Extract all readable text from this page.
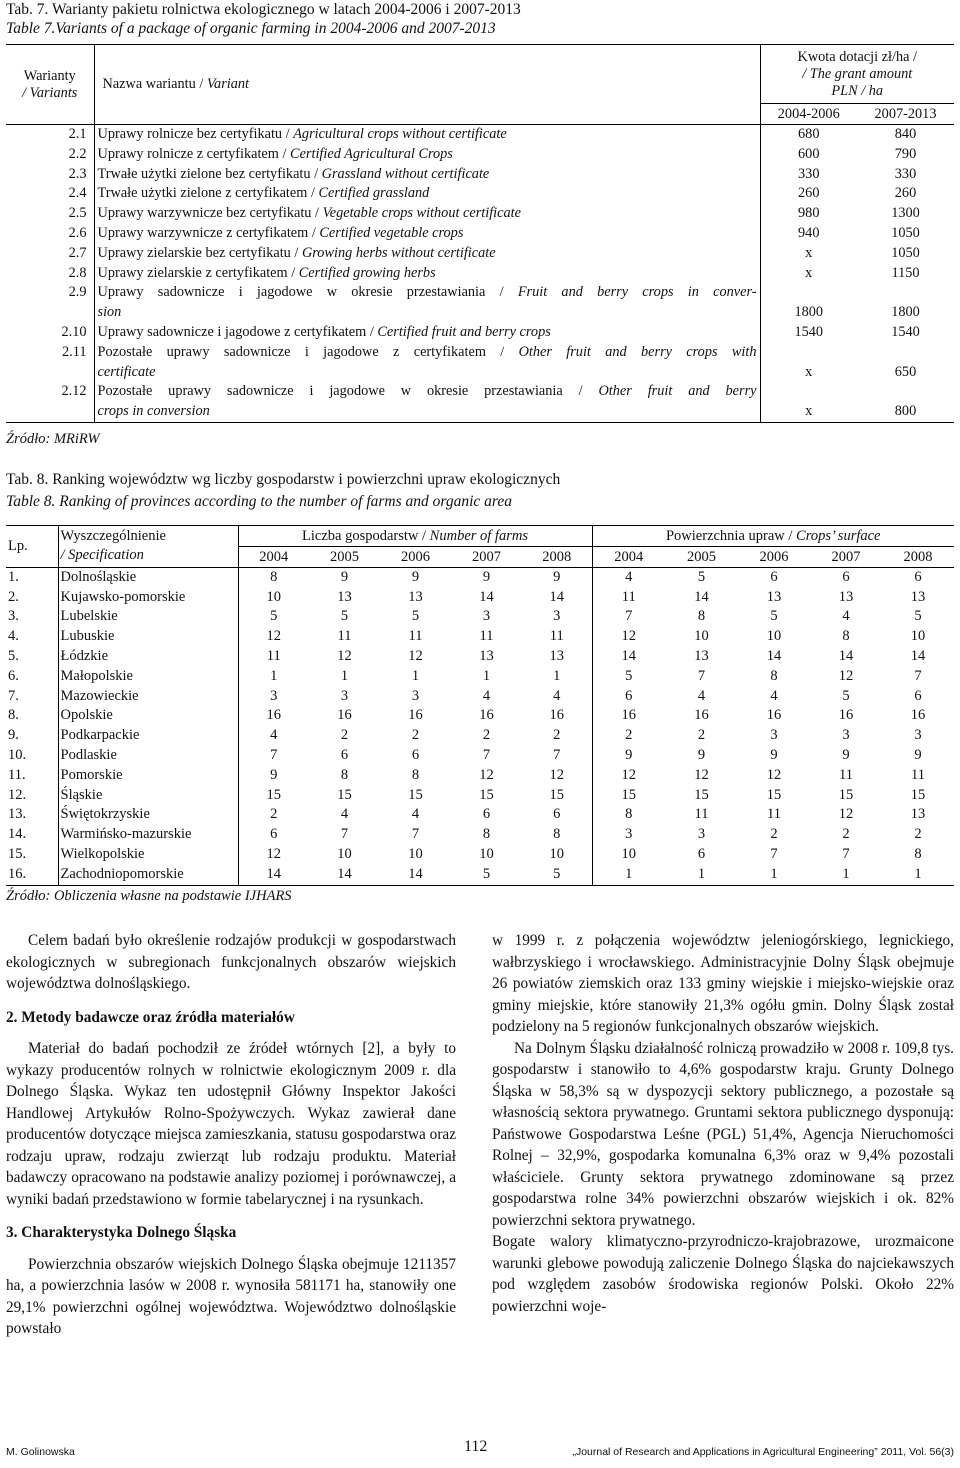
Tab. 7. Warianty pakietu rolnictwa ekologicznego w latach 2004-2006 i 2007-2013
Table 7.Variants of a package of organic farming in 2004-2006 and 2007-2013
Warianty
/ Variants	Nazwa wariantu / Variant	Kwota dotacji zł/ha /
/ The grant amount
PLN / ha	
		2004-2006	2007-2013
2.1	Uprawy rolnicze bez certyfikatu / Agricultural crops without certificate	680	840
2.2	Uprawy rolnicze z certyfikatem / Certified Agricultural Crops	600	790
2.3	Trwałe użytki zielone bez certyfikatu / Grassland without certificate	330	330
2.4	Trwałe użytki zielone z certyfikatem / Certified grassland	260	260
2.5	Uprawy warzywnicze bez certyfikatu / Vegetable crops without certificate	980	1300
2.6	Uprawy warzywnicze z certyfikatem / Certified vegetable crops	940	1050
2.7	Uprawy zielarskie bez certyfikatu / Growing herbs without certificate	x	1050
2.8	Uprawy zielarskie z certyfikatem / Certified growing herbs	x	1150
2.9	Uprawy sadownicze i jagodowe w okresie przestawiania / Fruit and berry crops in conver-	1800	1800
	sion		
2.10	Uprawy sadownicze i jagodowe z certyfikatem / Certified fruit and berry crops	1540	1540
2.11	Pozostałe uprawy sadownicze i jagodowe z certyfikatem / Other fruit and berry crops with	x	650
	certificate		
2.12	Pozostałe uprawy sadownicze i jagodowe w okresie przestawiania / Other fruit and berry	x	800
	crops in conversion		
Źródło: MRiRW
Tab. 8. Ranking województw wg liczby gospodarstw i powierzchni upraw ekologicznych
Table 8. Ranking of provinces according to the number of farms and organic area
Lp.	Wyszczególnienie
/ Specification	Liczba gospodarstw / Number of farms					Powierzchnia upraw / Crops’ surface				
		2004	2005	2006	2007	2008	2004	2005	2006	2007	2008
1.	Dolnośląskie	8	9	9	9	9	4	5	6	6	6
2.	Kujawsko-pomorskie	10	13	13	14	14	11	14	13	13	13
3.	Lubelskie	5	5	5	3	3	7	8	5	4	5
4.	Lubuskie	12	11	11	11	11	12	10	10	8	10
5.	Łódzkie	11	12	12	13	13	14	13	14	14	14
6.	Małopolskie	1	1	1	1	1	5	7	8	12	7
7.	Mazowieckie	3	3	3	4	4	6	4	4	5	6
8.	Opolskie	16	16	16	16	16	16	16	16	16	16
9.	Podkarpackie	4	2	2	2	2	2	2	3	3	3
10.	Podlaskie	7	6	6	7	7	9	9	9	9	9
11.	Pomorskie	9	8	8	12	12	12	12	12	11	11
12.	Śląskie	15	15	15	15	15	15	15	15	15	15
13.	Świętokrzyskie	2	4	4	6	6	8	11	11	12	13
14.	Warmińsko-mazurskie	6	7	7	8	8	3	3	2	2	2
15.	Wielkopolskie	12	10	10	10	10	10	6	7	7	8
16.	Zachodniopomorskie	14	14	14	5	5	1	1	1	1	1
Źródło: Obliczenia własne na podstawie IJHARS

Celem badań było określenie rodzajów produkcji w gospodarstwach ekologicznych w subregionach funkcjonalnych obszarów wiejskich województwa dolnośląskiego.

2. Metody badawcze oraz źródła materiałów

Materiał do badań pochodził ze źródeł wtórnych [2], a były to wykazy producentów rolnych w rolnictwie ekologicznym 2009 r. dla Dolnego Śląska. Wykaz ten udostępnił Główny Inspektor Jakości Handlowej Artykułów Rolno-Spożywczych. Wykaz zawierał dane producentów dotyczące miejsca zamieszkania, statusu gospodarstwa oraz rodzaju upraw, rodzaju zwierząt lub rodzaju produktu. Materiał badawczy opracowano na podstawie analizy poziomej i porównawczej, a wyniki badań przedstawiono w formie tabelarycznej i na rysunkach.

3. Charakterystyka Dolnego Śląska

Powierzchnia obszarów wiejskich Dolnego Śląska obejmuje 1211357 ha, a powierzchnia lasów w 2008 r. wynosiła 581171 ha, stanowiły one 29,1% powierzchni ogólnej województwa. Województwo dolnośląskie powstało

w 1999 r. z połączenia województw jeleniogórskiego, legnickiego, wałbrzyskiego i wrocławskiego. Administracyjnie Dolny Śląsk obejmuje 26 powiatów ziemskich oraz 133 gminy wiejskie i miejsko-wiejskie oraz gminy miejskie, które stanowiły 21,3% ogółu gmin. Dolny Śląsk został podzielony na 5 regionów funkcjonalnych obszarów wiejskich.

Na Dolnym Śląsku działalność rolniczą prowadziło w 2008 r. 109,8 tys. gospodarstw i stanowiło to 4,6% gospodarstw kraju. Grunty Dolnego Śląska w 58,3% są w dyspozycji sektory publicznego, a pozostałe są własnością sektora prywatnego. Gruntami sektora publicznego dysponują: Państwowe Gospodarstwa Leśne (PGL) 51,4%, Agencja Nieruchomości Rolnej – 32,9%, gospodarka komunalna 6,3% oraz w 9,4% pozostali właściciele. Grunty sektora prywatnego zdominowane są przez gospodarstwa rolne 34% powierzchni obszarów wiejskich i ok. 82% powierzchni sektora prywatnego.

Bogate walory klimatyczno-przyrodniczo-krajobrazowe, urozmaicone warunki glebowe powodują zaliczenie Dolnego Śląska do najciekawszych pod względem zasobów środowiska regionów Polski. Około 22% powierzchni woje-

M. Golinowska	112	„Journal of Research and Applications in Agricultural Engineering” 2011, Vol. 56(3)
